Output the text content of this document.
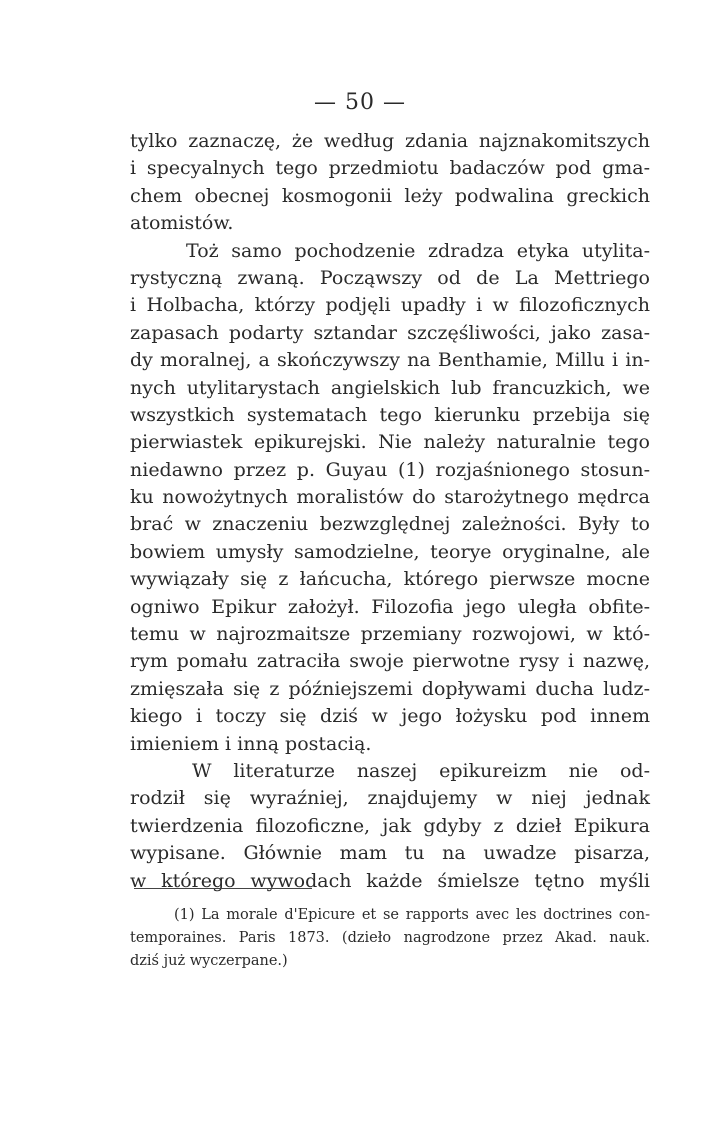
— 50 —
tylko zaznaczę, że według zdania najznakomitszych
i specyalnych tego przedmiotu badaczów pod gma-
chem obecnej kosmogonii leży podwalina greckich
atomistów.
Toż samo pochodzenie zdradza etyka utylita-
rystyczną zwaną. Począwszy od de La Mettriego
i Holbacha, którzy podjęli upadły i w filozoficznych
zapasach podarty sztandar szczęśliwości, jako zasa-
dy moralnej, a skończywszy na Benthamie, Millu i in-
nych utylitarystach angielskich lub francuzkich, we
wszystkich systematach tego kierunku przebija się
pierwiastek epikurejski. Nie należy naturalnie tego
niedawno przez p. Guyau (1) rozjaśnionego stosun-
ku nowożytnych moralistów do starożytnego mędrca
brać w znaczeniu bezwzględnej zależności. Były to
bowiem umysły samodzielne, teorye oryginalne, ale
wywiązały się z łańcucha, którego pierwsze mocne
ogniwo Epikur założył. Filozofia jego uległa obfite-
temu w najrozmaitsze przemiany rozwojowi, w któ-
rym pomału zatraciła swoje pierwotne rysy i nazwę,
zmięszała się z późniejszemi dopływami ducha ludz-
kiego i toczy się dziś w jego łożysku pod innem
imieniem i inną postacią.
W literaturze naszej epikureizm nie od-
rodził się wyraźniej, znajdujemy w niej jednak
twierdzenia filozoficzne, jak gdyby z dzieł Epikura
wypisane. Głównie mam tu na uwadze pisarza,
w którego wywodach każde śmielsze tętno myśli
(1) La morale d'Epicure et se rapports avec les doctrines con-
temporaines. Paris 1873. (dzieło nagrodzone przez Akad. nauk.
dziś już wyczerpane.)
